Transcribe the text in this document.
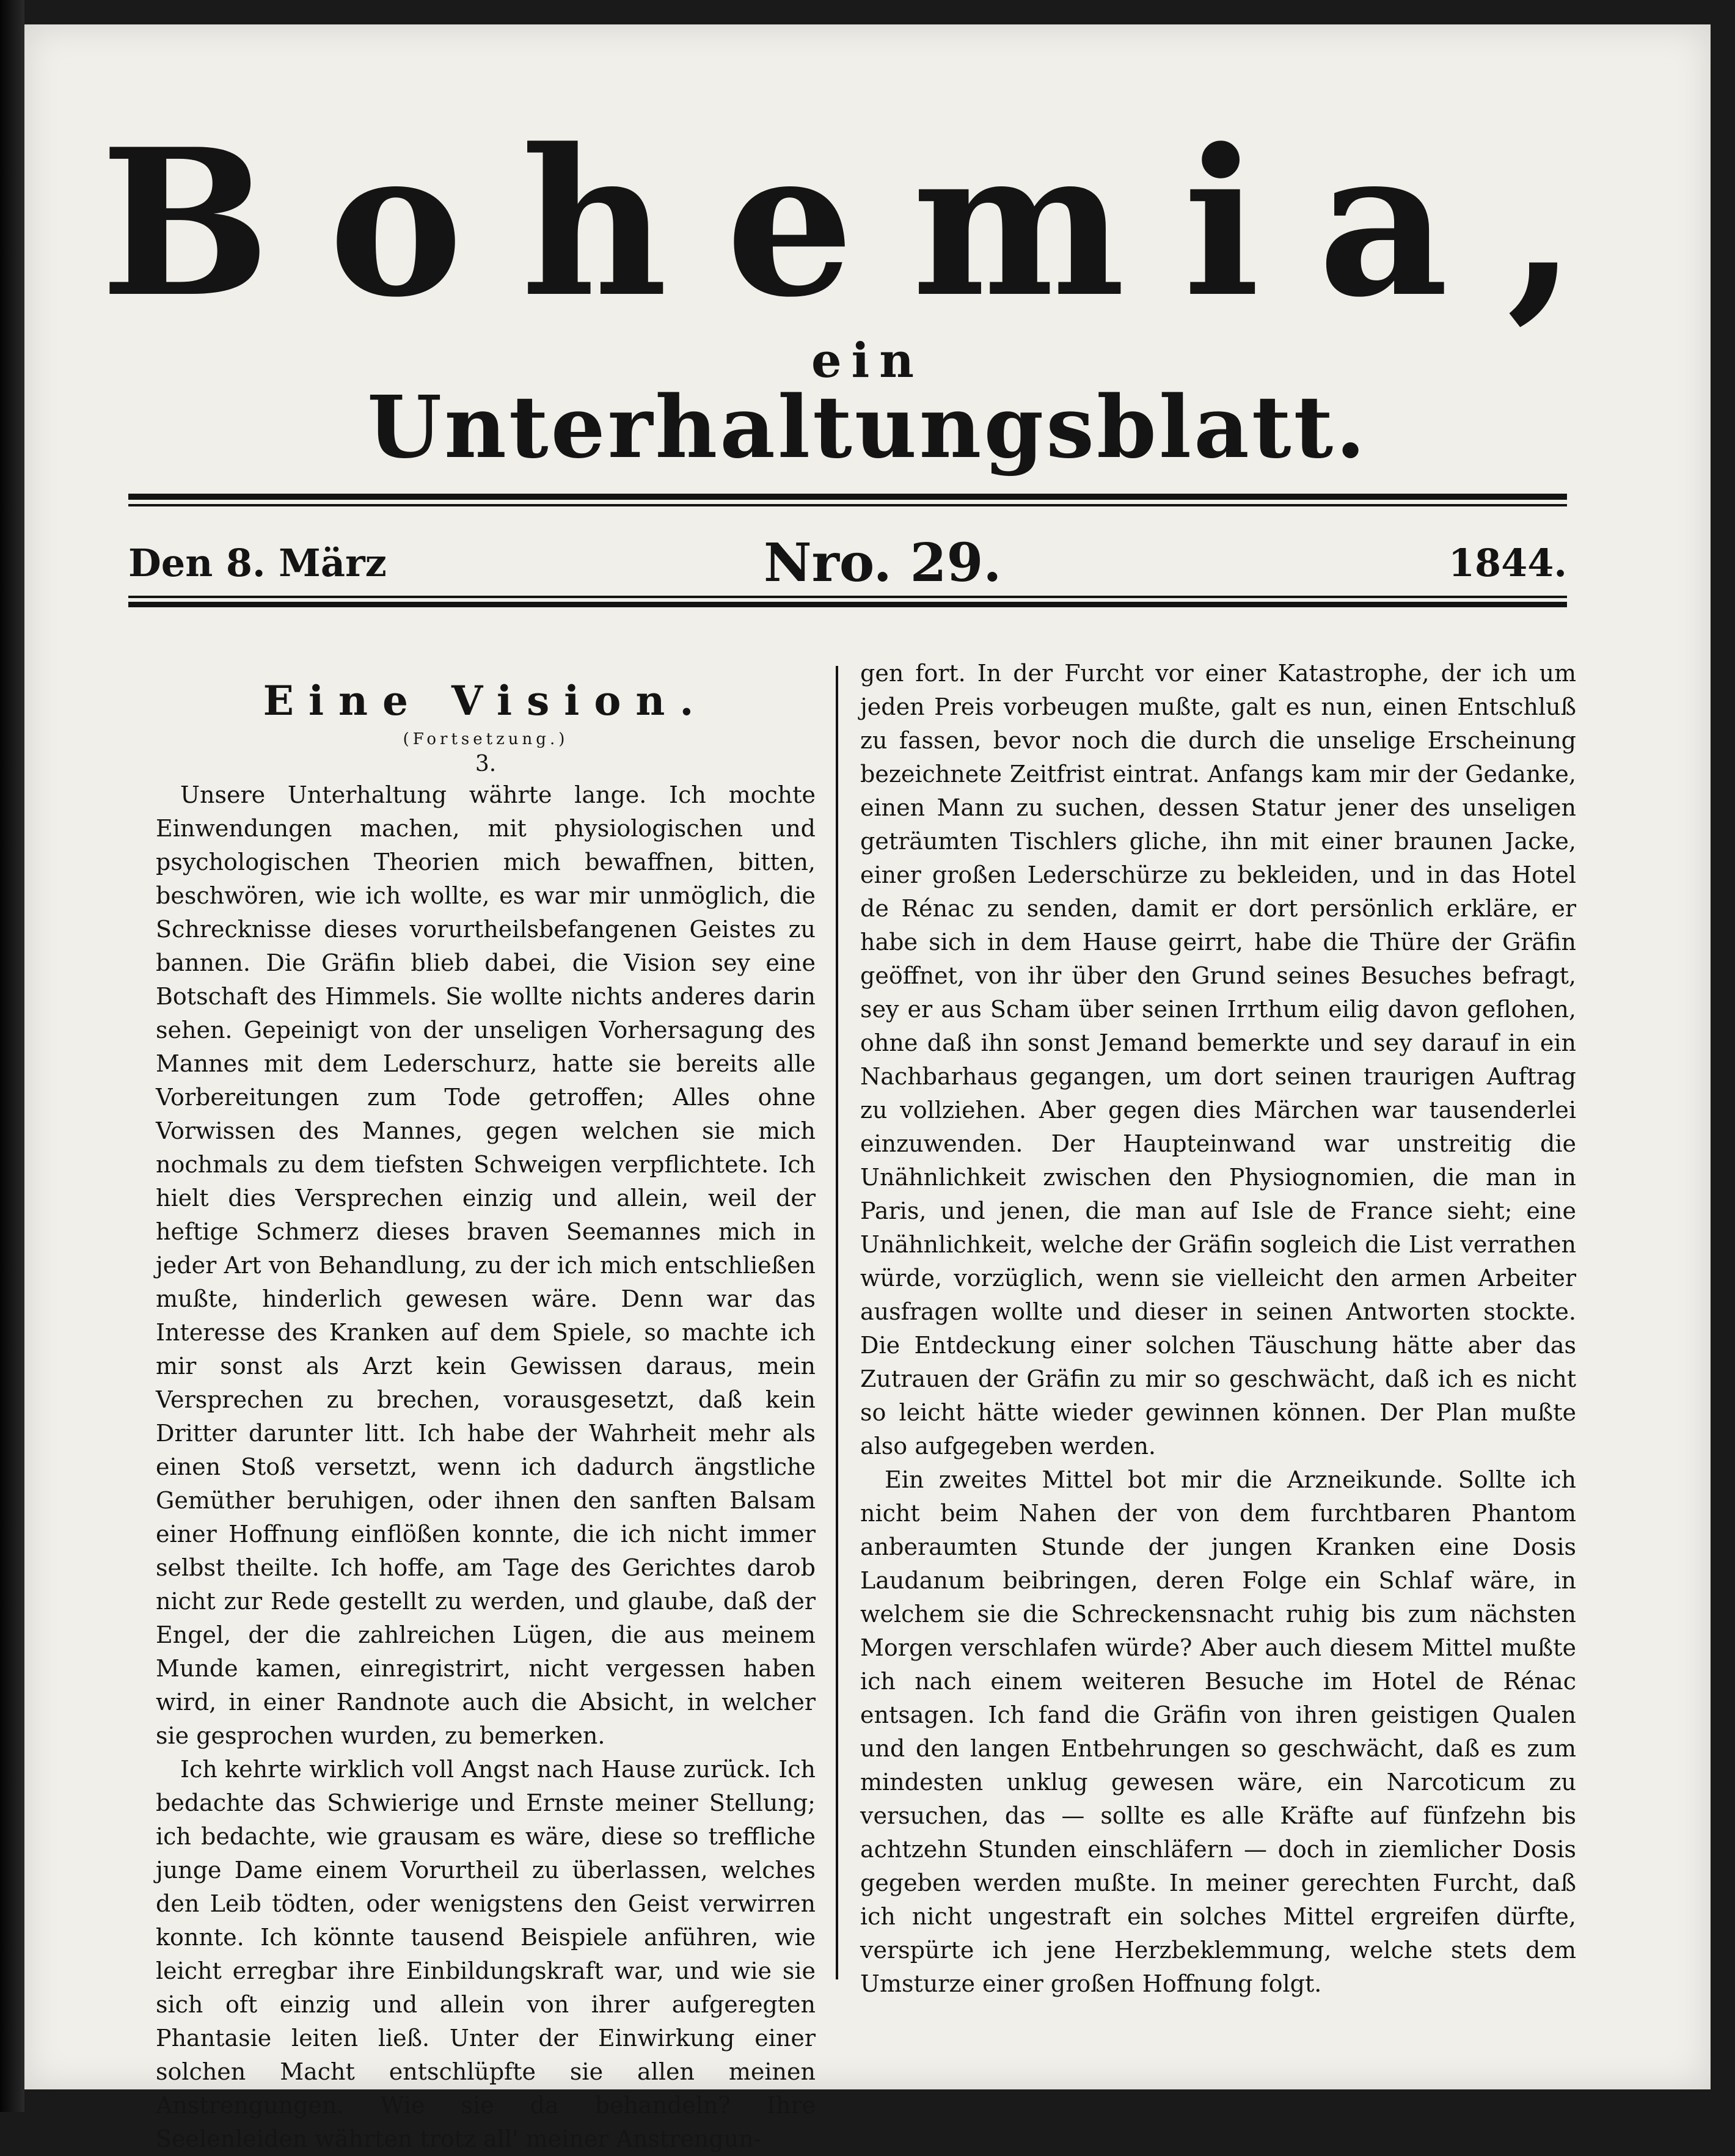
Bohemia,
ein
Unterhaltungsblatt.
Den 8. März	Nro. 29.	1844.
Eine Vision.
(Fortsetzung.)
3.

Unsere Unterhaltung währte lange. Ich mochte Einwendungen machen, mit physiologischen und psychologischen Theorien mich bewaffnen, bitten, beschwören, wie ich wollte, es war mir unmöglich, die Schrecknisse dieses vorurtheilsbefangenen Geistes zu bannen. Die Gräfin blieb dabei, die Vision sey eine Botschaft des Himmels. Sie wollte nichts anderes darin sehen. Gepeinigt von der unseligen Vorhersagung des Mannes mit dem Lederschurz, hatte sie bereits alle Vorbereitungen zum Tode getroffen; Alles ohne Vorwissen des Mannes, gegen welchen sie mich nochmals zu dem tiefsten Schweigen verpflichtete. Ich hielt dies Versprechen einzig und allein, weil der heftige Schmerz dieses braven Seemannes mich in jeder Art von Behandlung, zu der ich mich entschließen mußte, hinderlich gewesen wäre. Denn war das Interesse des Kranken auf dem Spiele, so machte ich mir sonst als Arzt kein Gewissen daraus, mein Versprechen zu brechen, vorausgesetzt, daß kein Dritter darunter litt. Ich habe der Wahrheit mehr als einen Stoß versetzt, wenn ich dadurch ängstliche Gemüther beruhigen, oder ihnen den sanften Balsam einer Hoffnung einflößen konnte, die ich nicht immer selbst theilte. Ich hoffe, am Tage des Gerichtes darob nicht zur Rede gestellt zu werden, und glaube, daß der Engel, der die zahlreichen Lügen, die aus meinem Munde kamen, einregistrirt, nicht vergessen haben wird, in einer Randnote auch die Absicht, in welcher sie gesprochen wurden, zu bemerken.

Ich kehrte wirklich voll Angst nach Hause zurück. Ich bedachte das Schwierige und Ernste meiner Stellung; ich bedachte, wie grausam es wäre, diese so treffliche junge Dame einem Vorurtheil zu überlassen, welches den Leib tödten, oder wenigstens den Geist verwirren konnte. Ich könnte tausend Beispiele anführen, wie leicht erregbar ihre Einbildungskraft war, und wie sie sich oft einzig und allein von ihrer aufgeregten Phantasie leiten ließ. Unter der Einwirkung einer solchen Macht entschlüpfte sie allen meinen Anstrengungen. Wie sie da behandeln? Ihre Seelenleiden währten trotz all' meiner Anstrengun-

gen fort. In der Furcht vor einer Katastrophe, der ich um jeden Preis vorbeugen mußte, galt es nun, einen Entschluß zu fassen, bevor noch die durch die unselige Erscheinung bezeichnete Zeitfrist eintrat. Anfangs kam mir der Gedanke, einen Mann zu suchen, dessen Statur jener des unseligen geträumten Tischlers gliche, ihn mit einer braunen Jacke, einer großen Lederschürze zu bekleiden, und in das Hotel de Rénac zu senden, damit er dort persönlich erkläre, er habe sich in dem Hause geirrt, habe die Thüre der Gräfin geöffnet, von ihr über den Grund seines Besuches befragt, sey er aus Scham über seinen Irrthum eilig davon geflohen, ohne daß ihn sonst Jemand bemerkte und sey darauf in ein Nachbarhaus gegangen, um dort seinen traurigen Auftrag zu vollziehen. Aber gegen dies Märchen war tausenderlei einzuwenden. Der Haupteinwand war unstreitig die Unähnlichkeit zwischen den Physiognomien, die man in Paris, und jenen, die man auf Isle de France sieht; eine Unähnlichkeit, welche der Gräfin sogleich die List verrathen würde, vorzüglich, wenn sie vielleicht den armen Arbeiter ausfragen wollte und dieser in seinen Antworten stockte. Die Entdeckung einer solchen Täuschung hätte aber das Zutrauen der Gräfin zu mir so geschwächt, daß ich es nicht so leicht hätte wieder gewinnen können. Der Plan mußte also aufgegeben werden.

Ein zweites Mittel bot mir die Arzneikunde. Sollte ich nicht beim Nahen der von dem furchtbaren Phantom anberaumten Stunde der jungen Kranken eine Dosis Laudanum beibringen, deren Folge ein Schlaf wäre, in welchem sie die Schreckensnacht ruhig bis zum nächsten Morgen verschlafen würde? Aber auch diesem Mittel mußte ich nach einem weiteren Besuche im Hotel de Rénac entsagen. Ich fand die Gräfin von ihren geistigen Qualen und den langen Entbehrungen so geschwächt, daß es zum mindesten unklug gewesen wäre, ein Narcoticum zu versuchen, das — sollte es alle Kräfte auf fünfzehn bis achtzehn Stunden einschläfern — doch in ziemlicher Dosis gegeben werden mußte. In meiner gerechten Furcht, daß ich nicht ungestraft ein solches Mittel ergreifen dürfte, verspürte ich jene Herzbeklemmung, welche stets dem Umsturze einer großen Hoffnung folgt.
